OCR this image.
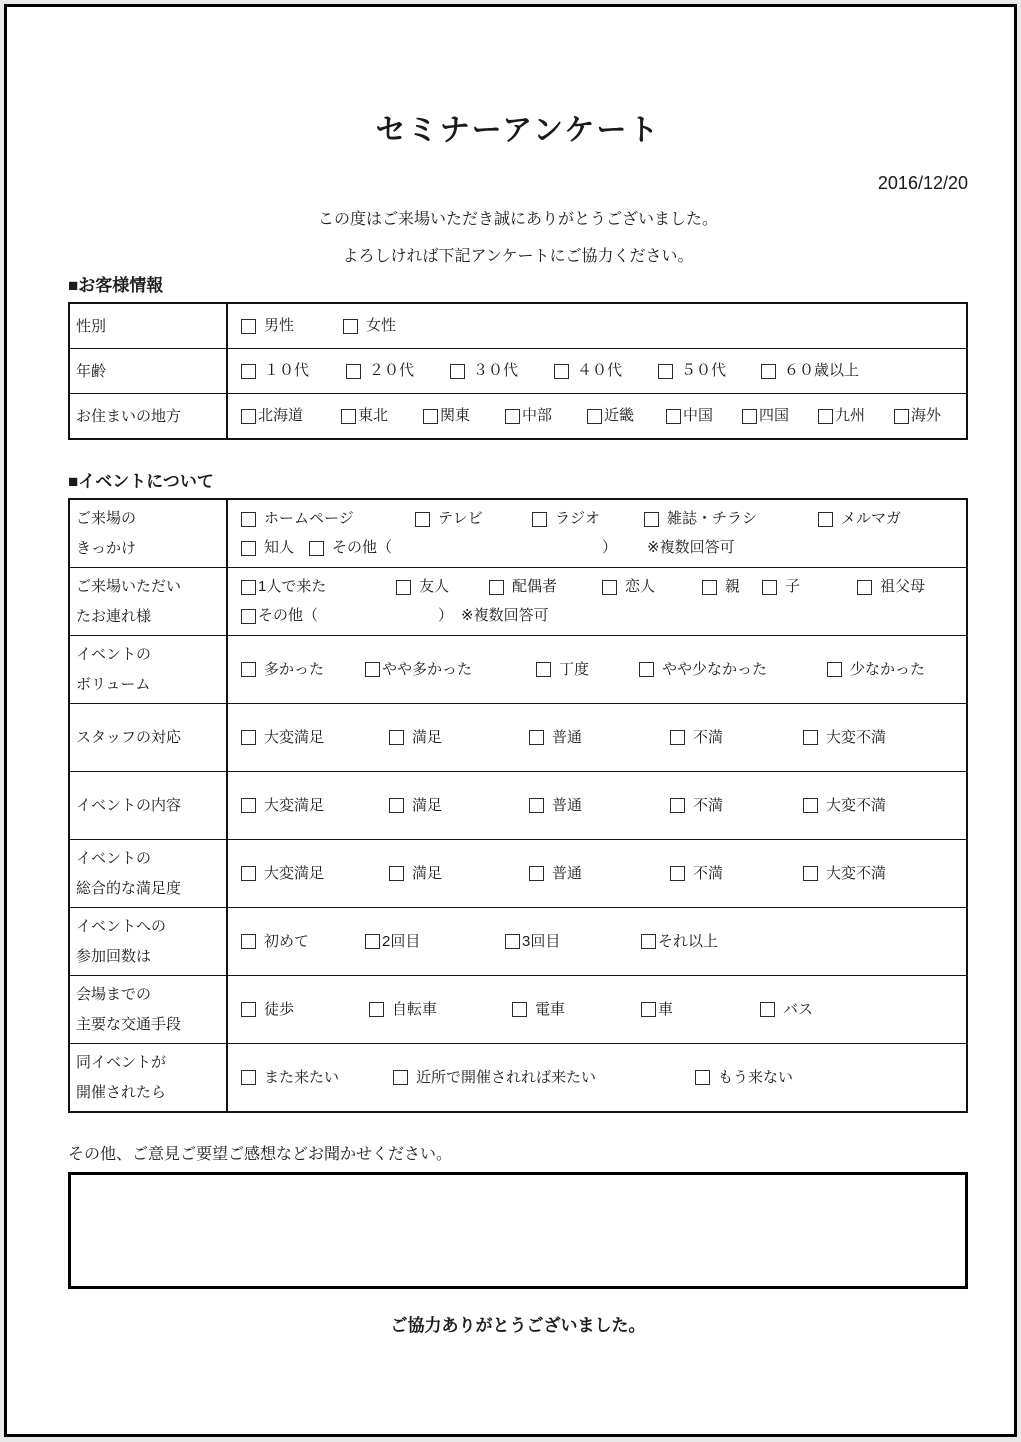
セミナーアンケート
2016/12/20
この度はご来場いただき誠にありがとうございました。
よろしければ下記アンケートにご協力ください。
■お客様情報
性別	男性	女性
年齢	１０代	２０代	３０代	４０代	５０代	６０歳以上
お住まいの地方	北海道	東北	関東	中部	近畿	中国	四国	九州	海外
■イベントについて
ご来場の
きっかけ
ホームページ	テレビ	ラジオ	雑誌・チラシ	メルマガ
知人	その他（　　　　　　　　　　　　　　） 　　※複数回答可
ご来場いただい
たお連れ様
1人で来た	友人	配偶者	恋人	親	子	祖父母
その他（　　　　　　　　） ※複数回答可
イベントの
ボリューム
多かった	やや多かった	丁度	やや少なかった	少なかった
スタッフの対応	大変満足	満足	普通	不満	大変不満
イベントの内容	大変満足	満足	普通	不満	大変不満
イベントの
総合的な満足度
大変満足	満足	普通	不満	大変不満
イベントへの
参加回数は
初めて	2回目	3回目	それ以上
会場までの
主要な交通手段
徒歩	自転車	電車	車	バス
同イベントが
開催されたら
また来たい	近所で開催されれば来たい	もう来ない
その他、ご意見ご要望ご感想などお聞かせください。
ご協力ありがとうございました。
